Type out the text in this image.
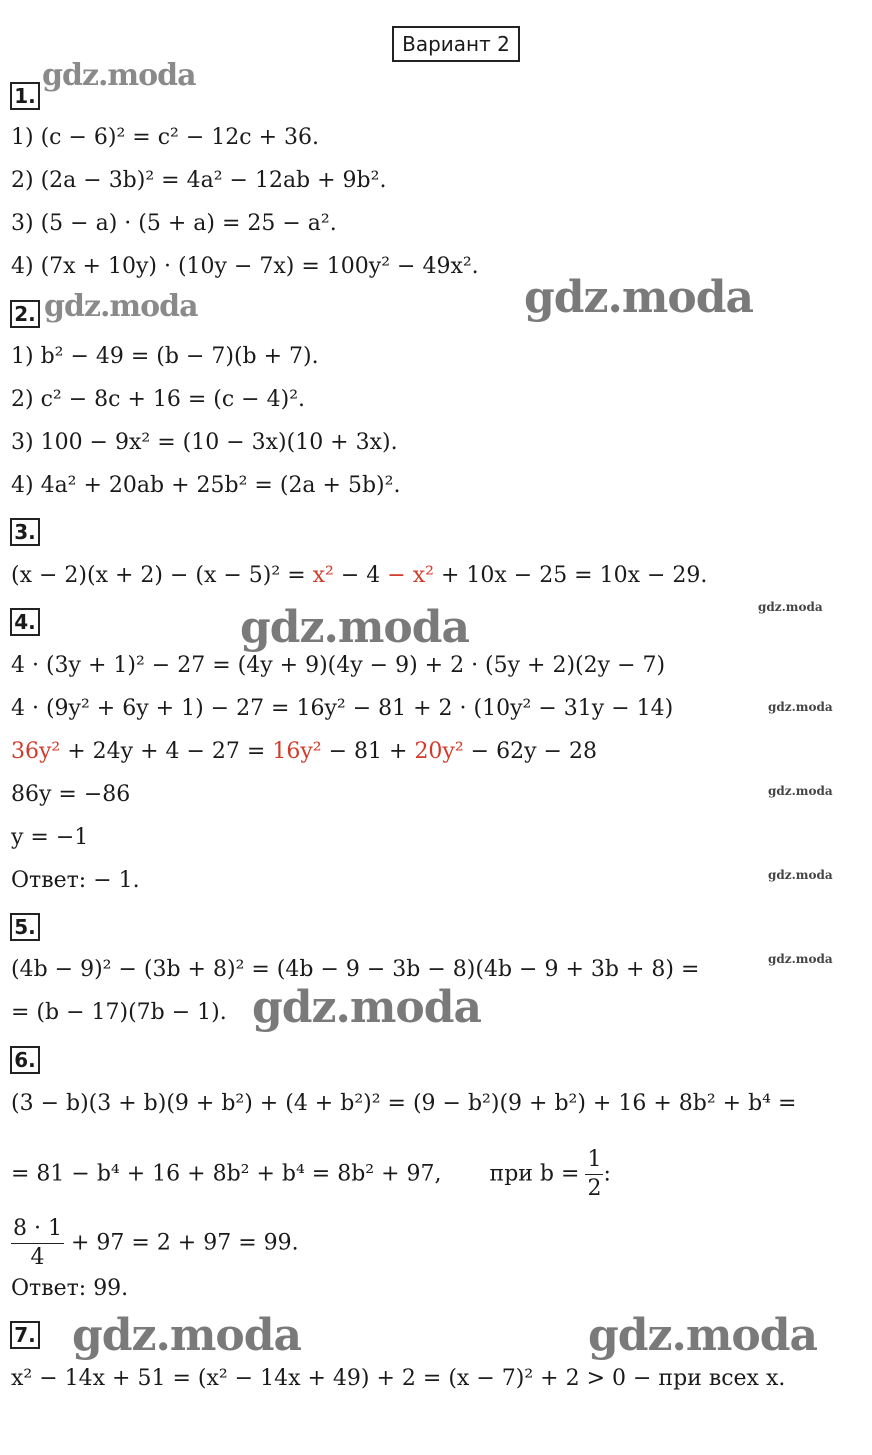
Вариант 2
1.
1) (c − 6)² = c² − 12c + 36.
2) (2a − 3b)² = 4a² − 12ab + 9b².
3) (5 − a) · (5 + a) = 25 − a².
4) (7x + 10y) · (10y − 7x) = 100y² − 49x².
2.
1) b² − 49 = (b − 7)(b + 7).
2) c² − 8c + 16 = (c − 4)².
3) 100 − 9x² = (10 − 3x)(10 + 3x).
4) 4a² + 20ab + 25b² = (2a + 5b)².
3.
(x − 2)(x + 2) − (x − 5)² = x² − 4 − x² + 10x − 25 = 10x − 29.
4.
4 · (3y + 1)² − 27 = (4y + 9)(4y − 9) + 2 · (5y + 2)(2y − 7)
4 · (9y² + 6y + 1) − 27 = 16y² − 81 + 2 · (10y² − 31y − 14)
36y² + 24y + 4 − 27 = 16y² − 81 + 20y² − 62y − 28
86y = −86
y = −1
Ответ: − 1.
5.
(4b − 9)² − (3b + 8)² = (4b − 9 − 3b − 8)(4b − 9 + 3b + 8) =
= (b − 17)(7b − 1).
6.
(3 − b)(3 + b)(9 + b²) + (4 + b²)² = (9 − b²)(9 + b²) + 16 + 8b² + b⁴ =
= 81 − b⁴ + 16 + 8b² + b⁴ = 8b² + 97, при $b = \frac{1}{2}$ :
$\frac{8 \cdot 1}{4} + 97 = 2 + 97 = 99$.
Ответ: 99.
7.
x² − 14x + 51 = (x² − 14x + 49) + 2 = (x − 7)² + 2 > 0 − при всех x.
gdz.moda
gdz.moda	gdz.moda
gdz.moda	gdz.moda
gdz.moda
gdz.moda
gdz.moda
gdz.moda
gdz.moda
gdz.moda	gdz.moda
